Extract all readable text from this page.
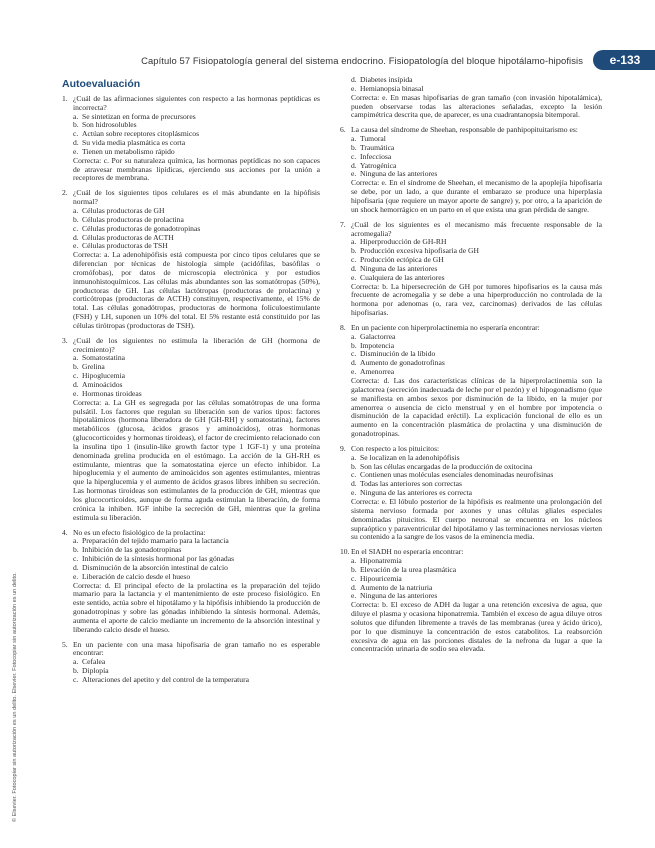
Capítulo 57 Fisiopatología general del sistema endocrino. Fisiopatología del bloque hipotálamo-hipofisis	e-133
© Elsevier. Fotocopiar sin autorización es un delito. Elsevier. Fotocopiar sin autorización es un delito.
Autoevaluación
1. ¿Cuál de las afirmaciones siguientes con respecto a las hormonas peptídicas es incorrecta?
a. Se sintetizan en forma de precursores
b. Son hidrosolubles
c. Actúan sobre receptores citoplásmicos
d. Su vida media plasmática es corta
e. Tienen un metabolismo rápido
Correcta: c. Por su naturaleza química, las hormonas peptídicas no son capaces de atravesar membranas lipídicas, ejerciendo sus acciones por la unión a receptores de membrana.
2. ¿Cuál de los siguientes tipos celulares es el más abundante en la hipófisis normal?
a. Células productoras de GH
b. Células productoras de prolactina
c. Células productoras de gonadotropinas
d. Células productoras de ACTH
e. Células productoras de TSH
Correcta: a. La adenohipófisis está compuesta por cinco tipos celulares que se diferencian por técnicas de histología simple (acidófilas, basófilas o cromófobas), por datos de microscopia electrónica y por estudios inmunohistoquímicos. Las células más abundantes son las somatótropas (50%), productoras de GH. Las células lactótropas (productoras de prolactina) y corticótropas (productoras de ACTH) constituyen, respectivamente, el 15% de total. Las células gonadótropas, productoras de hormona foliculoestimulante (FSH) y LH, suponen un 10% del total. El 5% restante está constituido por las células tirótropas (productoras de TSH).
3. ¿Cuál de los siguientes no estimula la liberación de GH (hormona de crecimiento)?
a. Somatostatina
b. Grelina
c. Hipoglucemia
d. Aminoácidos
e. Hormonas tiroideas
Correcta: a. La GH es segregada por las células somatótropas de una forma pulsátil. Los factores que regulan su liberación son de varios tipos: factores hipotalámicos (hormona liberadora de GH [GH-RH] y somatostatina), factores metabólicos (glucosa, ácidos grasos y aminoácidos), otras hormonas (glucocorticoides y hormonas tiroideas), el factor de crecimiento relacionado con la insulina tipo 1 (insulin-like growth factor type 1 IGF-1) y una proteína denominada grelina producida en el estómago. La acción de la GH-RH es estimulante, mientras que la somatostatina ejerce un efecto inhibidor. La hipoglucemia y el aumento de aminoácidos son agentes estimulantes, mientras que la hiperglucemia y el aumento de ácidos grasos libres inhiben su secreción. Las hormonas tiroideas son estimulantes de la producción de GH, mientras que los glucocorticoides, aunque de forma aguda estimulan la liberación, de forma crónica la inhiben. IGF inhibe la secreción de GH, mientras que la grelina estimula su liberación.
4. No es un efecto fisiológico de la prolactina:
a. Preparación del tejido mamario para la lactancia
b. Inhibición de las gonadotropinas
c. Inhibición de la síntesis hormonal por las gónadas
d. Disminución de la absorción intestinal de calcio
e. Liberación de calcio desde el hueso
Correcta: d. El principal efecto de la prolactina es la preparación del tejido mamario para la lactancia y el mantenimiento de este proceso fisiológico. En este sentido, actúa sobre el hipotálamo y la hipófisis inhibiendo la producción de gonadotropinas y sobre las gónadas inhibiendo la síntesis hormonal. Además, aumenta el aporte de calcio mediante un incremento de la absorción intestinal y liberando calcio desde el hueso.
5. En un paciente con una masa hipofisaria de gran tamaño no es esperable encontrar:
a. Cefalea
b. Diplopía
c. Alteraciones del apetito y del control de la temperatura
d. Diabetes insípida
e. Hemianopsia binasal
Correcta: e. En masas hipofisarias de gran tamaño (con invasión hipotalámica), pueden observarse todas las alteraciones señaladas, excepto la lesión campimétrica descrita que, de aparecer, es una cuadrantanopsia bitemporal.
6. La causa del síndrome de Sheehan, responsable de panhipopituitarismo es:
a. Tumoral
b. Traumática
c. Infecciosa
d. Yatrogénica
e. Ninguna de las anteriores
Correcta: e. En el síndrome de Sheehan, el mecanismo de la apoplejía hipofisaria se debe, por un lado, a que durante el embarazo se produce una hiperplasia hipofisaria (que requiere un mayor aporte de sangre) y, por otro, a la aparición de un shock hemorrágico en un parto en el que exista una gran pérdida de sangre.
7. ¿Cuál de los siguientes es el mecanismo más frecuente responsable de la acromegalia?
a. Hiperproducción de GH-RH
b. Producción excesiva hipofisaria de GH
c. Producción ectópica de GH
d. Ninguna de las anteriores
e. Cualquiera de las anteriores
Correcta: b. La hipersecreción de GH por tumores hipofisarios es la causa más frecuente de acromegalia y se debe a una hiperproducción no controlada de la hormona por adenomas (o, rara vez, carcinomas) derivados de las células hipofisarias.
8. En un paciente con hiperprolactinemia no esperaría encontrar:
a. Galactorrea
b. Impotencia
c. Disminución de la líbido
d. Aumento de gonadotrofinas
e. Amenorrea
Correcta: d. Las dos características clínicas de la hiperprolactinemia son la galactorrea (secreción inadecuada de leche por el pezón) y el hipogonadismo (que se manifiesta en ambos sexos por disminución de la líbido, en la mujer por amenorrea o ausencia de ciclo menstrual y en el hombre por impotencia o disminución de la capacidad eréctil). La explicación funcional de ello es un aumento en la concentración plasmática de prolactina y una disminución de gonadotropinas.
9. Con respecto a los pituicitos:
a. Se localizan en la adenohipófisis
b. Son las células encargadas de la producción de oxitocina
c. Contienen unas moléculas esenciales denominadas neurofisinas
d. Todas las anteriores son correctas
e. Ninguna de las anteriores es correcta
Correcta: e. El lóbulo posterior de la hipófisis es realmente una prolongación del sistema nervioso formada por axones y unas células gliales especiales denominadas pituicitos. El cuerpo neuronal se encuentra en los núcleos supraóptico y paraventricular del hipotálamo y las terminaciones nerviosas vierten su contenido a la sangre de los vasos de la eminencia media.
10. En el SIADH no esperaría encontrar:
a. Hiponatremia
b. Elevación de la urea plasmática
c. Hipouricemia
d. Aumento de la natriuria
e. Ninguna de las anteriores
Correcta: b. El exceso de ADH da lugar a una retención excesiva de agua, que diluye el plasma y ocasiona hiponatremia. También el exceso de agua diluye otros solutos que difunden libremente a través de las membranas (urea y ácido úrico), por lo que disminuye la concentración de estos catabolitos. La reabsorción excesiva de agua en las porciones distales de la nefrona da lugar a que la concentración urinaria de sodio sea elevada.
